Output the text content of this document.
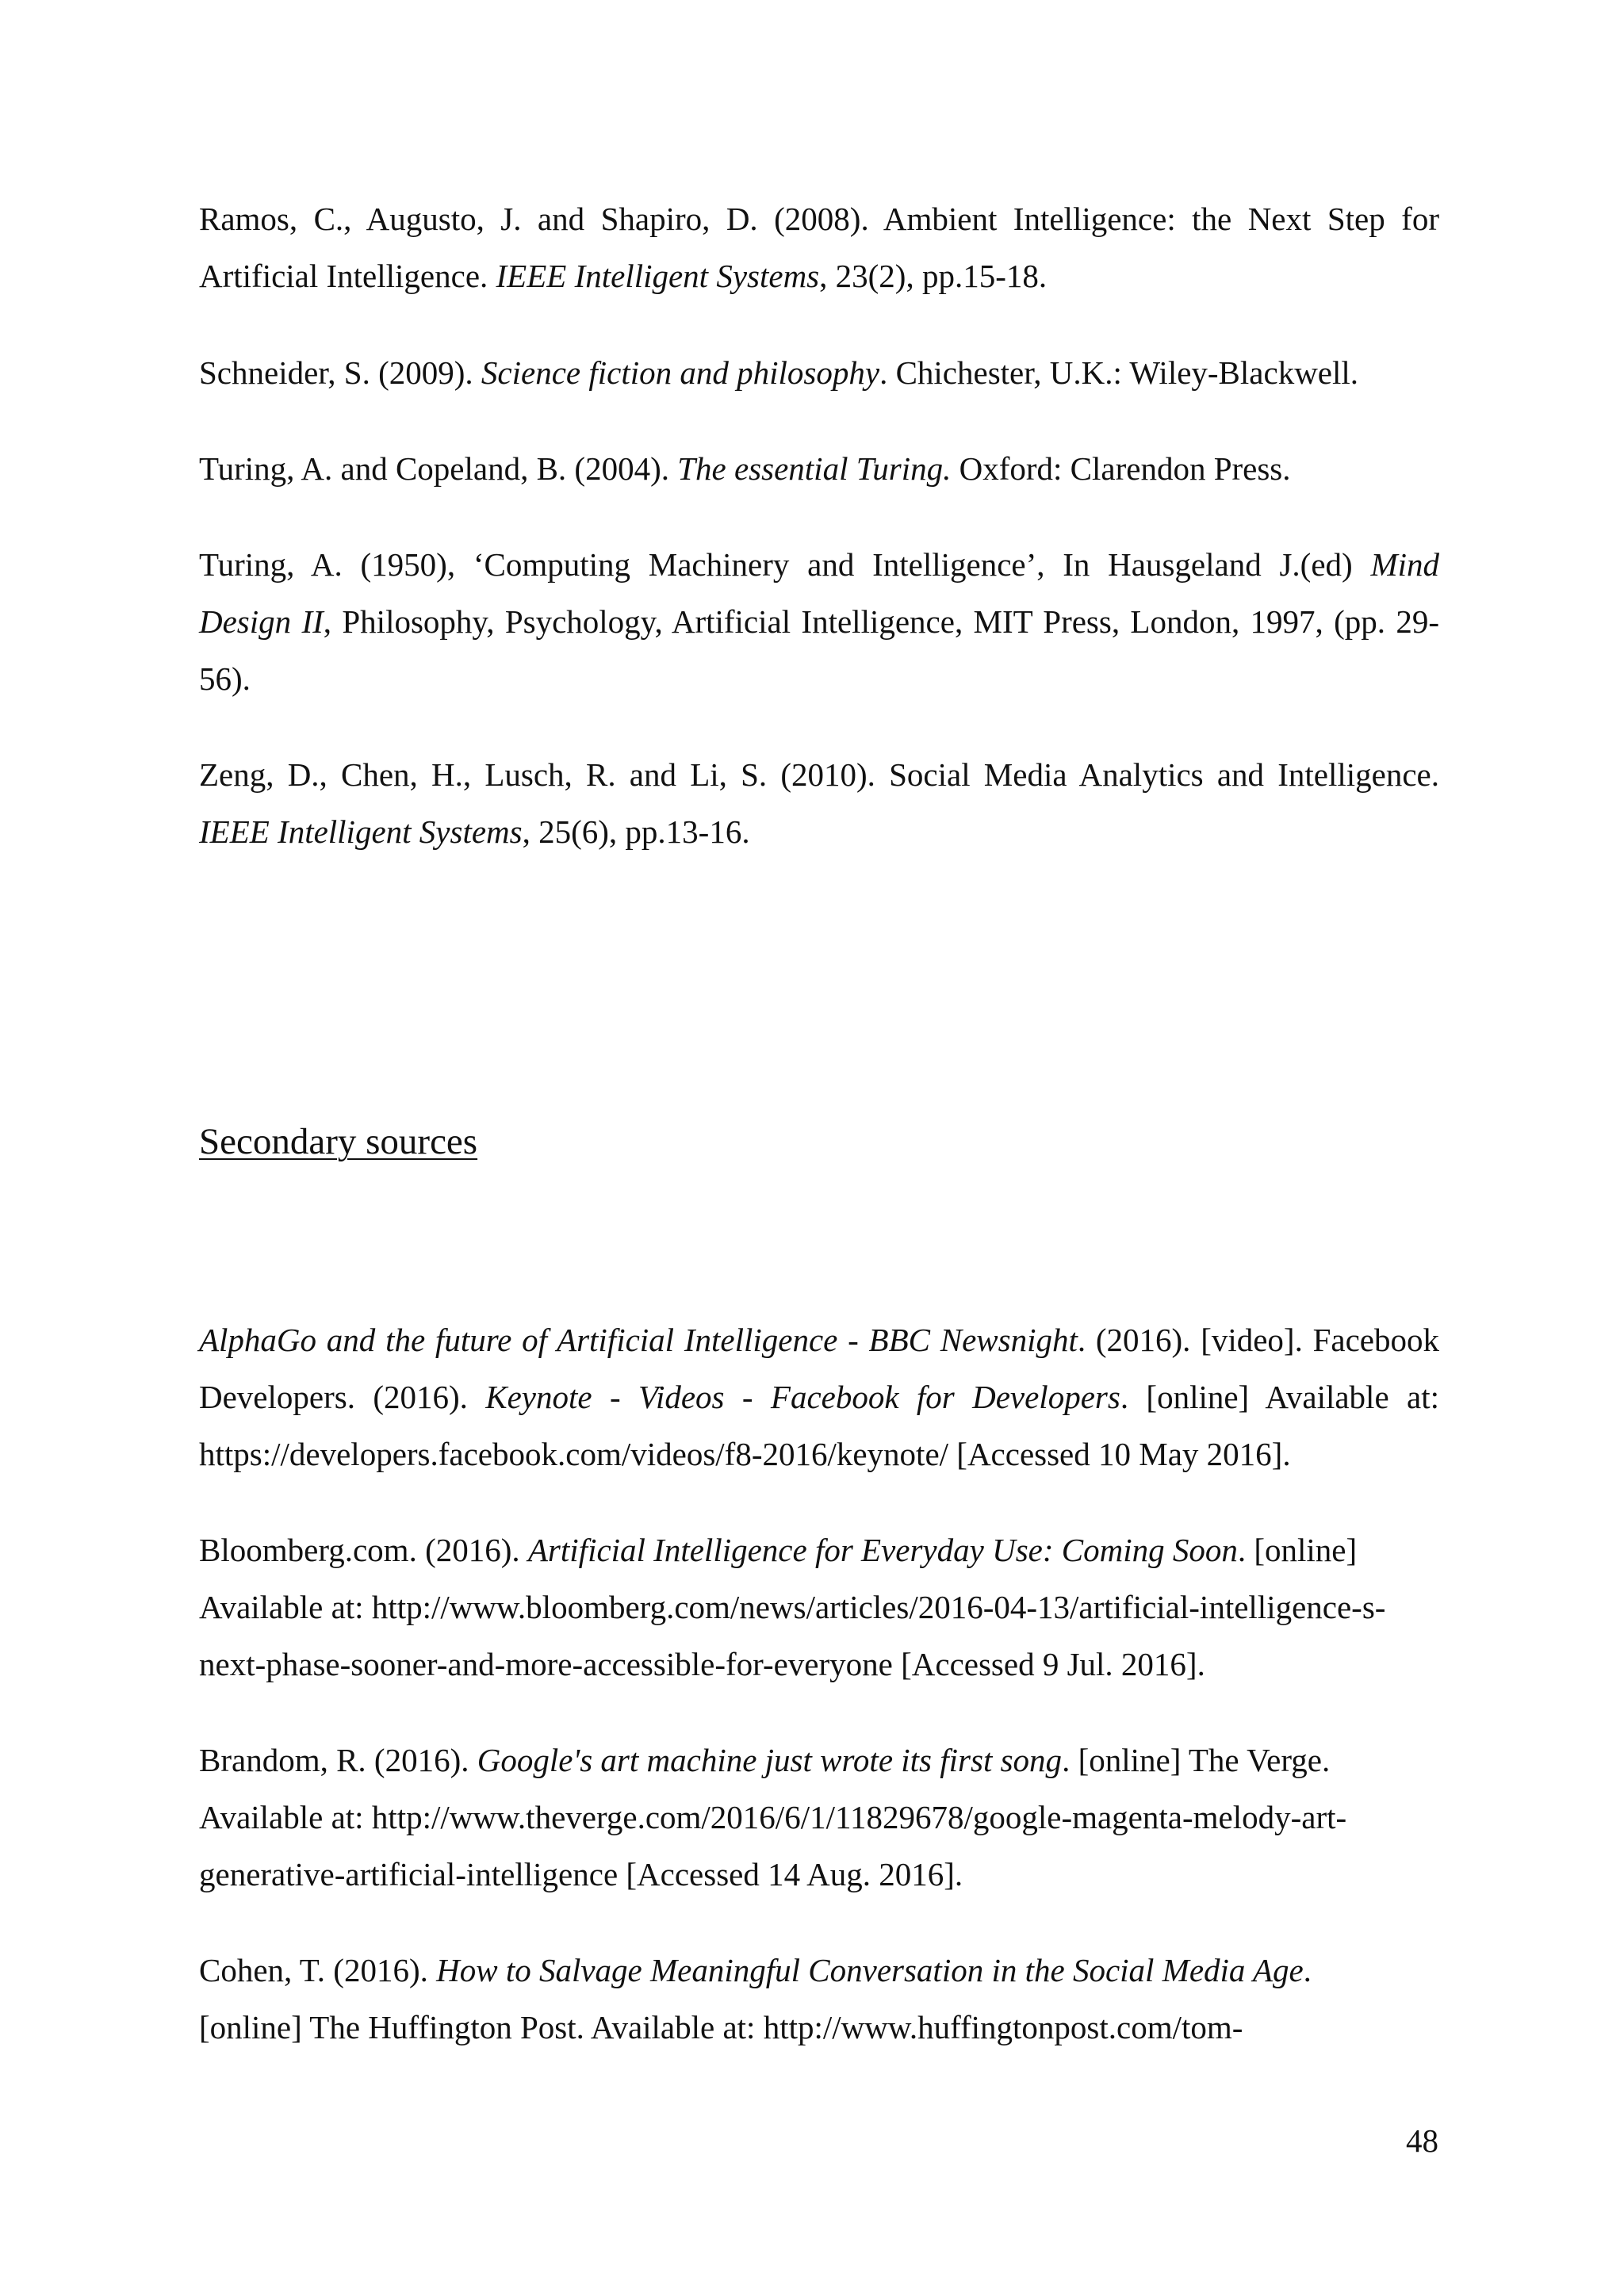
Ramos, C., Augusto, J. and Shapiro, D. (2008). Ambient Intelligence: the Next Step for
Artificial Intelligence. IEEE Intelligent Systems, 23(2), pp.15-18.

Schneider, S. (2009). Science fiction and philosophy. Chichester, U.K.: Wiley-Blackwell.

Turing, A. and Copeland, B. (2004). The essential Turing. Oxford: Clarendon Press.

Turing, A. (1950), ‘Computing Machinery and Intelligence’, In Hausgeland J.(ed) Mind
Design II, Philosophy, Psychology, Artificial Intelligence, MIT Press, London, 1997, (pp. 29-
56).

Zeng, D., Chen, H., Lusch, R. and Li, S. (2010). Social Media Analytics and Intelligence.
IEEE Intelligent Systems, 25(6), pp.13-16.

Secondary sources

AlphaGo and the future of Artificial Intelligence - BBC Newsnight. (2016). [video]. Facebook
Developers. (2016). Keynote - Videos - Facebook for Developers. [online] Available at:
https://developers.facebook.com/videos/f8-2016/keynote/ [Accessed 10 May 2016].

Bloomberg.com. (2016). Artificial Intelligence for Everyday Use: Coming Soon. [online]
Available at: http://www.bloomberg.com/news/articles/2016-04-13/artificial-intelligence-s-
next-phase-sooner-and-more-accessible-for-everyone [Accessed 9 Jul. 2016].

Brandom, R. (2016). Google's art machine just wrote its first song. [online] The Verge.
Available at: http://www.theverge.com/2016/6/1/11829678/google-magenta-melody-art-
generative-artificial-intelligence [Accessed 14 Aug. 2016].

Cohen, T. (2016). How to Salvage Meaningful Conversation in the Social Media Age.
[online] The Huffington Post. Available at: http://www.huffingtonpost.com/tom-

48
